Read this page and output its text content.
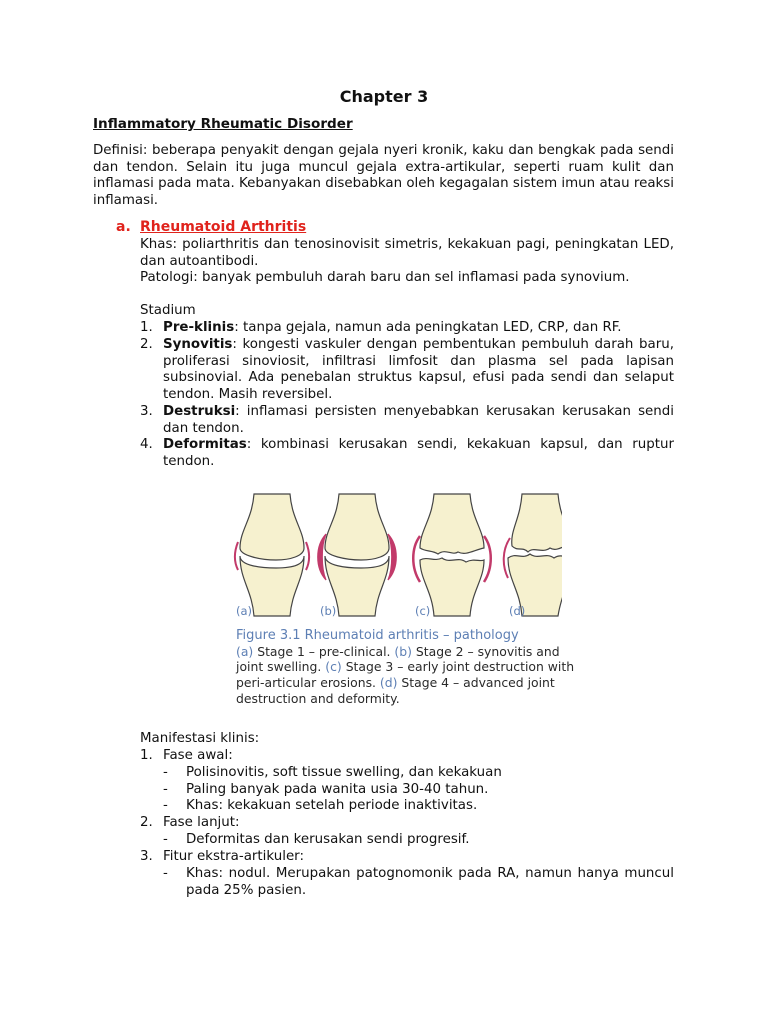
Chapter 3
Inflammatory Rheumatic Disorder
Definisi: beberapa penyakit dengan gejala nyeri kronik, kaku dan bengkak pada sendi dan tendon. Selain itu juga muncul gejala extra-artikular, seperti ruam kulit dan inflamasi pada mata. Kebanyakan disebabkan oleh kegagalan sistem imun atau reaksi inflamasi.
a. Rheumatoid Arthritis
Khas: poliarthritis dan tenosinovisit simetris, kekakuan pagi, peningkatan LED, dan autoantibodi.
Patologi: banyak pembuluh darah baru dan sel inflamasi pada synovium.
Stadium
1. Pre-klinis: tanpa gejala, namun ada peningkatan LED, CRP, dan RF.
2. Synovitis: kongesti vaskuler dengan pembentukan pembuluh darah baru, proliferasi sinoviosit, infiltrasi limfosit dan plasma sel pada lapisan subsinovial. Ada penebalan struktus kapsul, efusi pada sendi dan selaput tendon. Masih reversibel.
3. Destruksi: inflamasi persisten menyebabkan kerusakan kerusakan sendi dan tendon.
4. Deformitas: kombinasi kerusakan sendi, kekakuan kapsul, dan ruptur tendon.
(a)	(b)	(c)	(d)
Figure 3.1 Rheumatoid arthritis – pathology
(a) Stage 1 – pre-clinical. (b) Stage 2 – synovitis and joint swelling. (c) Stage 3 – early joint destruction with peri-articular erosions. (d) Stage 4 – advanced joint destruction and deformity.
Manifestasi klinis:
1. Fase awal:
- Polisinovitis, soft tissue swelling, dan kekakuan
- Paling banyak pada wanita usia 30-40 tahun.
- Khas: kekakuan setelah periode inaktivitas.
2. Fase lanjut:
- Deformitas dan kerusakan sendi progresif.
3. Fitur ekstra-artikuler:
- Khas: nodul. Merupakan patognomonik pada RA, namun hanya muncul pada 25% pasien.
